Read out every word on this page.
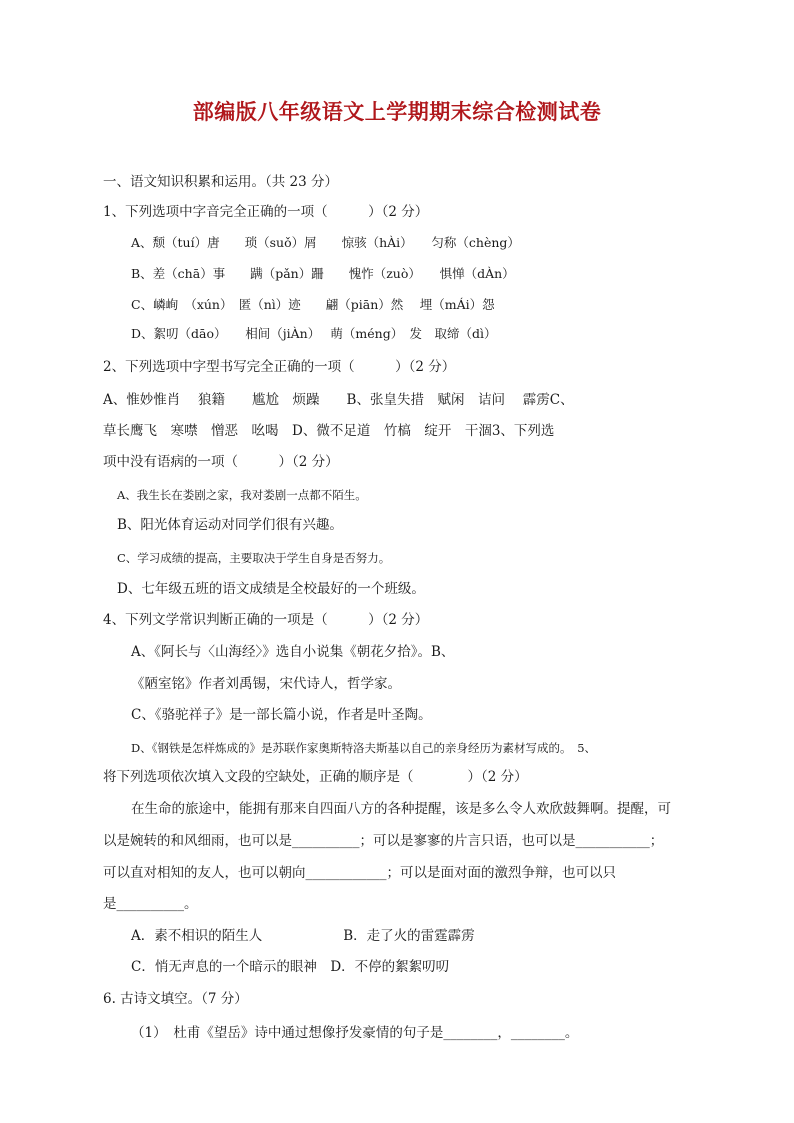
部编版八年级语文上学期期末综合检测试卷
一、语文知识积累和运用。（共 23 分）
1、下列选项中字音完全正确的一项（　　　）（2 分）
A、颓（tuí）唐　　琐（suǒ）屑　　惊骇（hÀi）　　匀称（chèng）
B、差（chā）事　　蹒（pǎn）跚　　愧怍（zuò）　　惧惮（dÀn）
C、嶙峋　（xún）　匿（nì）迹　　翩（piān）然　 埋（mÁi）怨
D、絮叨（dāo）　　相间（jiÀn）　 萌（méng）　发　取缔（dì）
2、下列选项中字型书写完全正确的一项（　　　）（2 分）
A、惟妙惟肖　 狼籍　　尴尬　烦躁　　B、张皇失措　赋闲　诘问　 霹雳C、
草长鹰飞　寒噤　憎恶　吆喝　D、微不足道　竹槁　绽开　干涸3、下列选
项中没有语病的一项（　　　）（2 分）
A、我生长在娄剧之家，我对娄剧一点都不陌生。
B、阳光体育运动对同学们很有兴趣。
C、学习成绩的提高，主要取决于学生自身是否努力。
D、七年级五班的语文成绩是全校最好的一个班级。
4、下列文学常识判断正确的一项是（　　　）（2 分）
A、《阿长与〈山海经〉》选自小说集《朝花夕拾》。B、
《陋室铭》作者刘禹锡，宋代诗人，哲学家。
C、《骆驼祥子》是一部长篇小说，作者是叶圣陶。
D、《钢铁是怎样炼成的》是苏联作家奥斯特洛夫斯基以自己的亲身经历为素材写成的。　5、
将下列选项依次填入文段的空缺处，正确的顺序是（　　　　）（2 分）
在生命的旅途中，能拥有那来自四面八方的各种提醒，该是多么令人欢欣鼓舞啊。提醒，可
以是婉转的和风细雨，也可以是__________；可以是寥寥的片言只语，也可以是___________；
可以直对相知的友人，也可以朝向____________；可以是面对面的激烈争辩，也可以只
是__________。
A．素不相识的陌生人　　　　　　B．走了火的雷霆霹雳
C．悄无声息的一个暗示的眼神　D．不停的絮絮叨叨
6. 古诗文填空。（7 分）
（1）　杜甫《望岳》诗中通过想像抒发豪情的句子是________，________。
